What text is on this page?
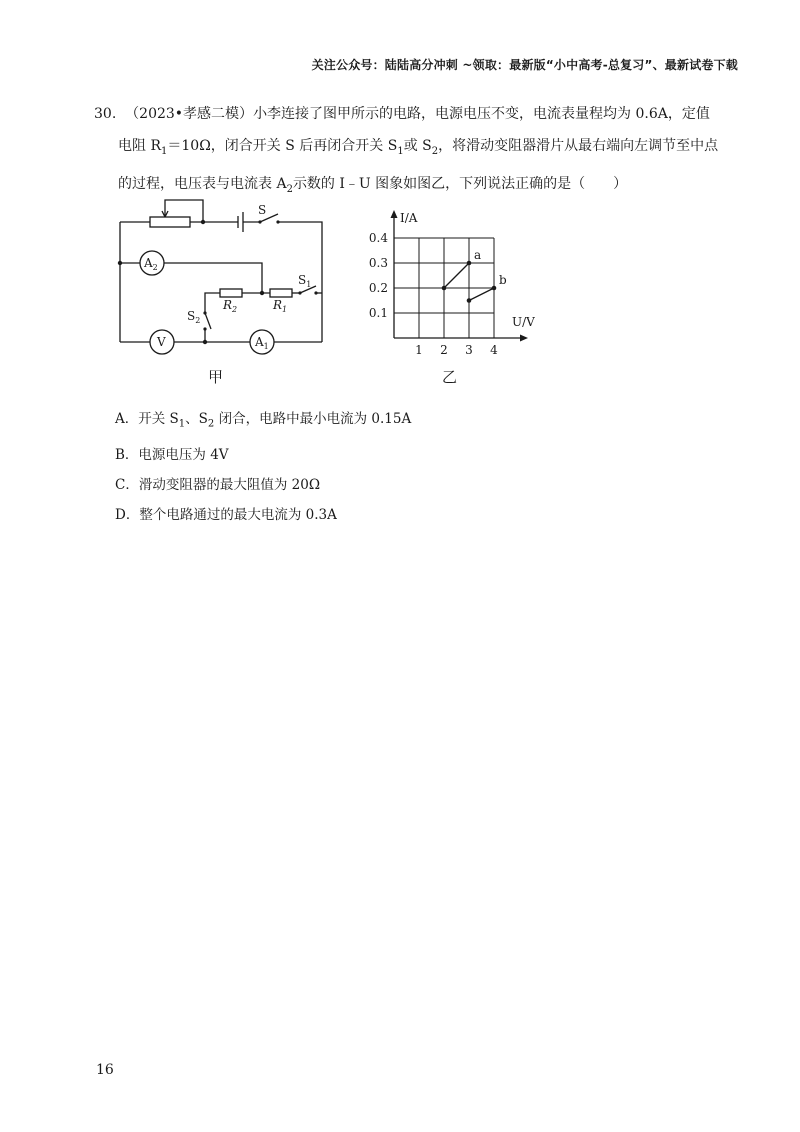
关注公众号：陆陆高分冲刺 ~领取：最新版“小中高考-总复习”、最新试卷下载
30. （2023•孝感二模）小李连接了图甲所示的电路，电源电压不变，电流表量程均为 0.6A，定值
电阻 $R_1=10\Omega$，闭合开关 S 后再闭合开关 $S_1$或 $S_2$，将滑动变阻器滑片从最右端向左调节至中点
的过程，电压表与电流表 $A_2$示数的 I﹣U 图象如图乙，下列说法正确的是（　　）
S
$A_2$
$S_1$
$R_2$	$R_1$
$S_2$
V	$A_1$
甲
I/A
U/V
0.4
0.3
0.2
0.1
1 2 3 4
a
b
乙
A．开关 $S_1$、$S_2$ 闭合，电路中最小电流为 0.15A
B．电源电压为 4V
C．滑动变阻器的最大阻值为 20Ω
D．整个电路通过的最大电流为 0.3A
16
